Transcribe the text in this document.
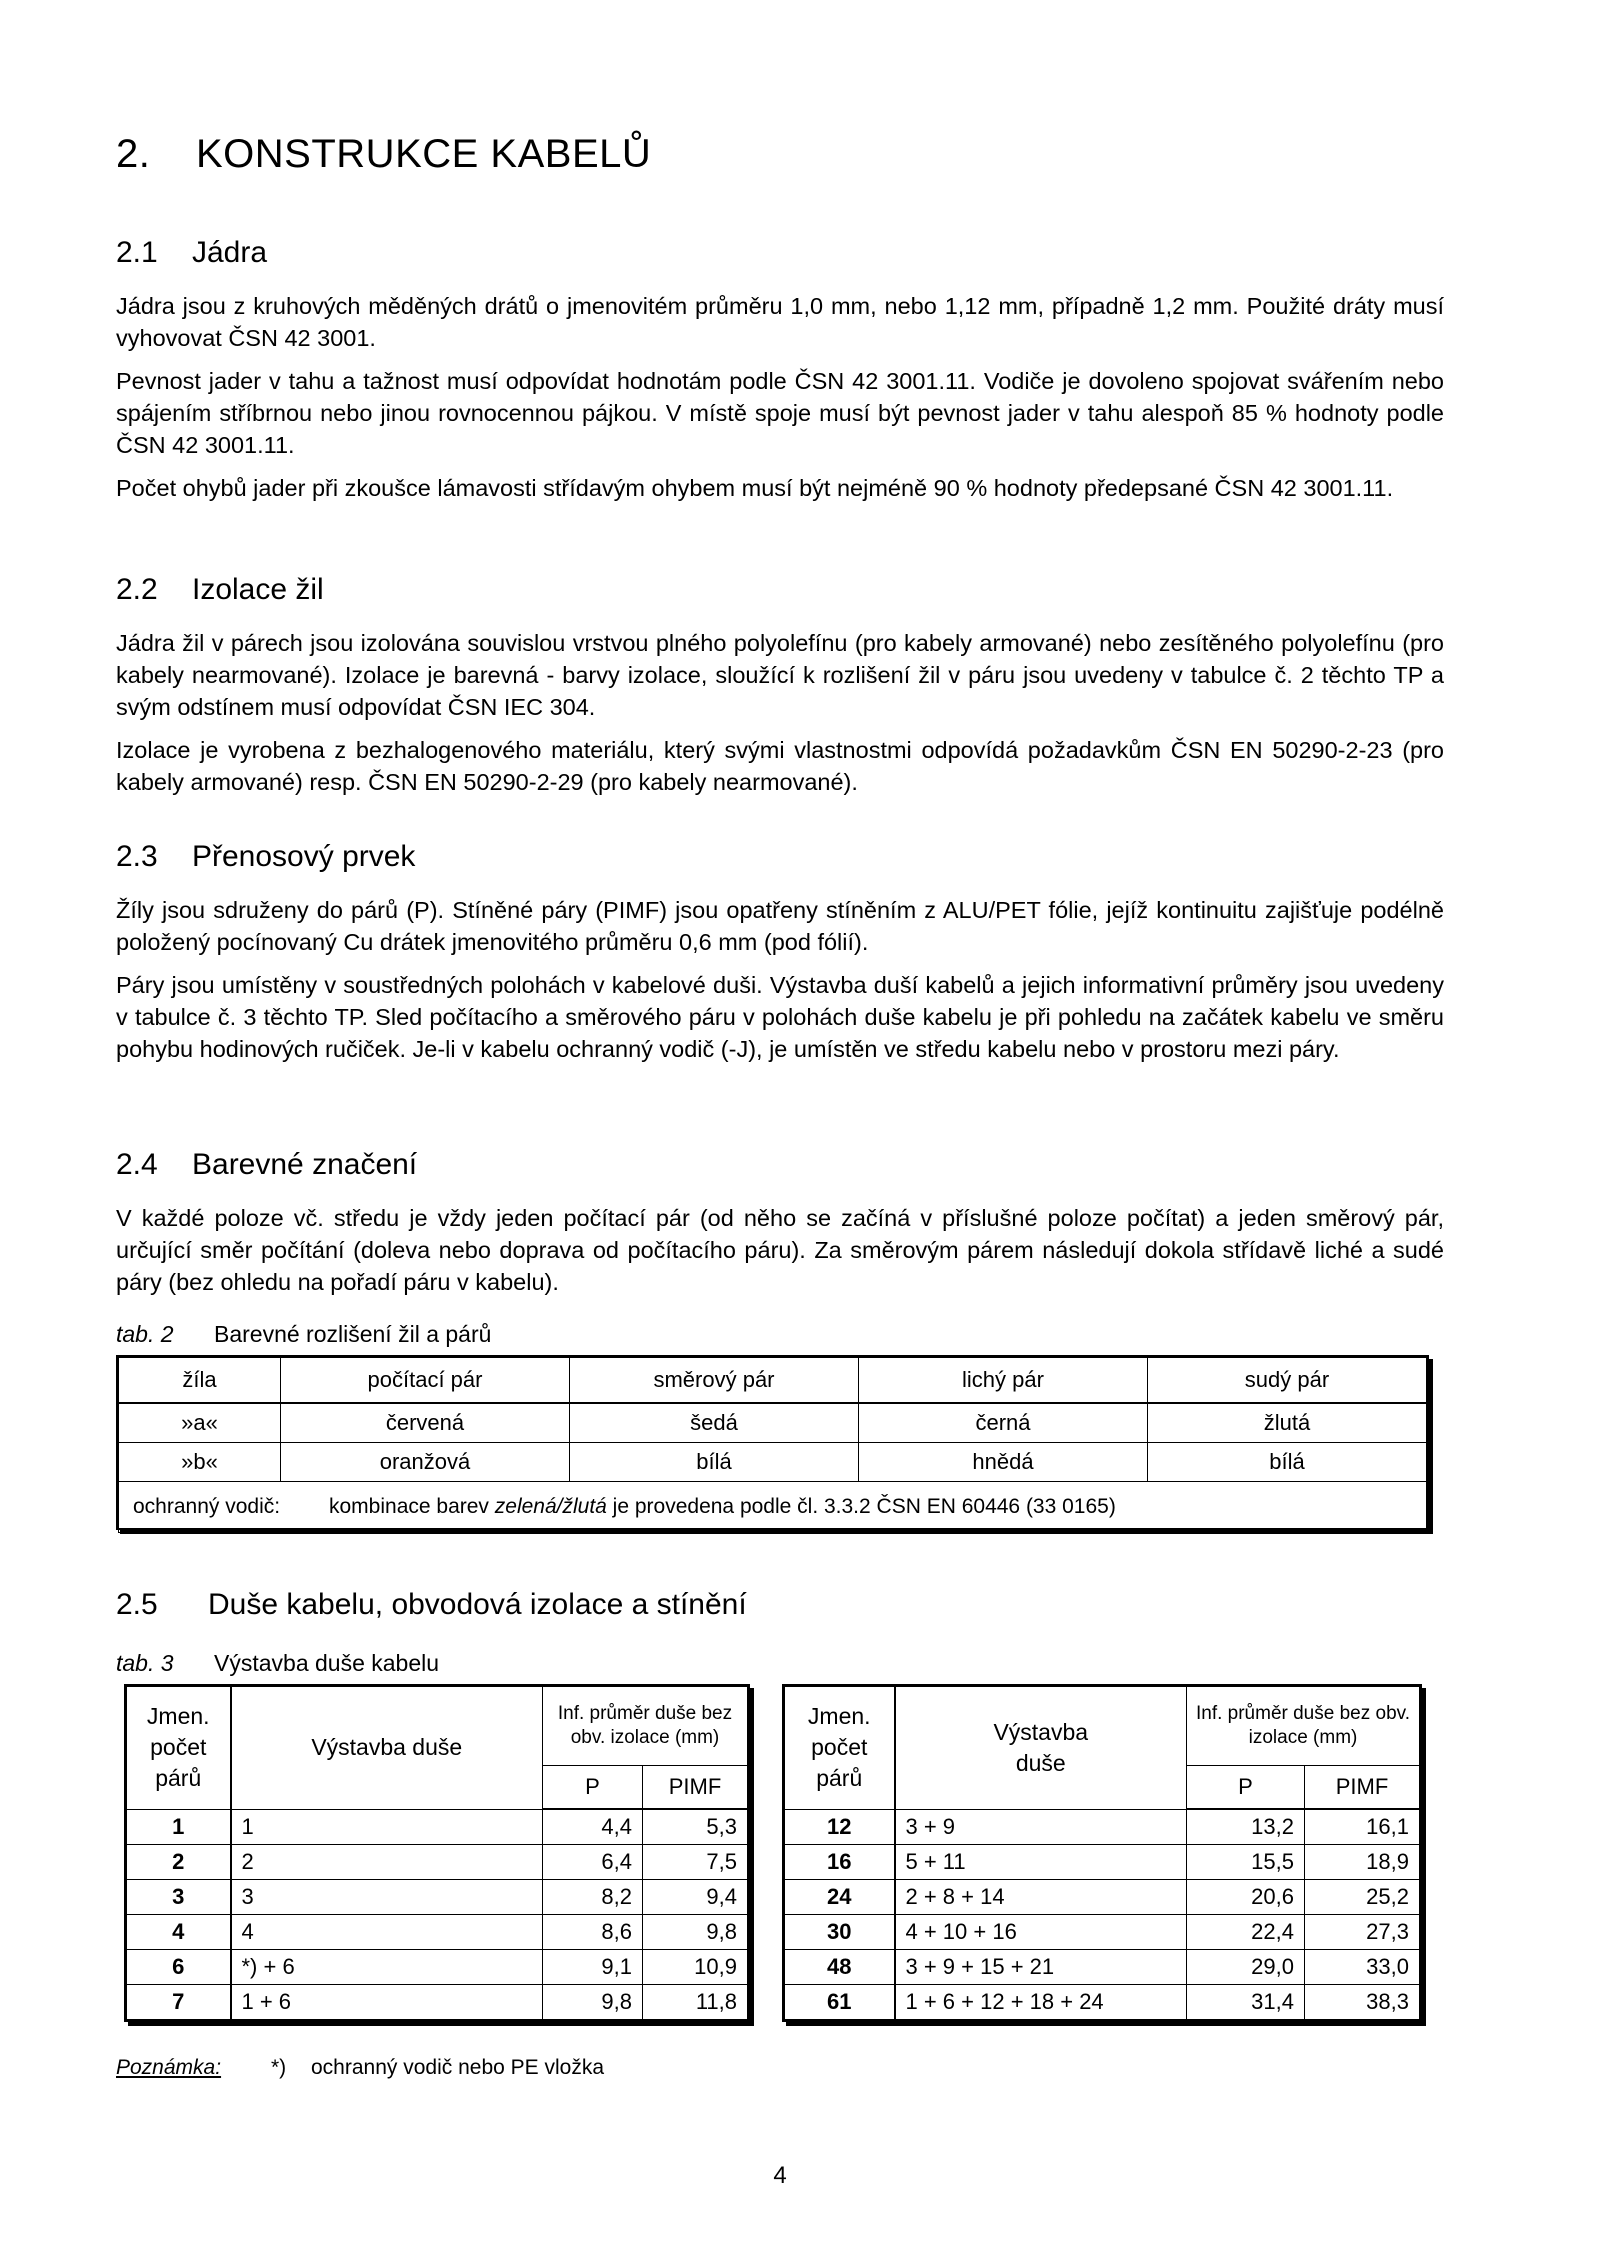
2. KONSTRUKCE KABELŮ
2.1 Jádra

Jádra jsou z kruhových měděných drátů o jmenovitém průměru 1,0 mm, nebo 1,12 mm, případně 1,2 mm. Použité dráty musí vyhovovat ČSN 42 3001.

Pevnost jader v tahu a tažnost musí odpovídat hodnotám podle ČSN 42 3001.11. Vodiče je dovoleno spojovat svářením nebo spájením stříbrnou nebo jinou rovnocennou pájkou. V místě spoje musí být pevnost jader v tahu alespoň 85 % hodnoty podle ČSN 42 3001.11.

Počet ohybů jader při zkoušce lámavosti střídavým ohybem musí být nejméně 90 % hodnoty předepsané ČSN 42 3001.11.

2.2 Izolace žil

Jádra žil v párech jsou izolována souvislou vrstvou plného polyolefínu (pro kabely armované) nebo zesítěného polyolefínu (pro kabely nearmované). Izolace je barevná - barvy izolace, sloužící k rozlišení žil v páru jsou uvedeny v tabulce č. 2 těchto TP a svým odstínem musí odpovídat ČSN IEC 304.

Izolace je vyrobena z bezhalogenového materiálu, který svými vlastnostmi odpovídá požadavkům ČSN EN 50290-2-23 (pro kabely armované) resp. ČSN EN 50290-2-29 (pro kabely nearmované).

2.3 Přenosový prvek

Žíly jsou sdruženy do párů (P). Stíněné páry (PIMF) jsou opatřeny stíněním z ALU/PET fólie, jejíž kontinuitu zajišťuje podélně položený pocínovaný Cu drátek jmenovitého průměru 0,6 mm (pod fólií).

Páry jsou umístěny v soustředných polohách v kabelové duši. Výstavba duší kabelů a jejich informativní průměry jsou uvedeny v tabulce č. 3 těchto TP. Sled počítacího a směrového páru v polohách duše kabelu je při pohledu na začátek kabelu ve směru pohybu hodinových ručiček. Je-li v kabelu ochranný vodič (-J), je umístěn ve středu kabelu nebo v prostoru mezi páry.

2.4 Barevné značení

V každé poloze vč. středu je vždy jeden počítací pár (od něho se začíná v příslušné poloze počítat) a jeden směrový pár, určující směr počítání (doleva nebo doprava od počítacího páru). Za směrovým párem následují dokola střídavě liché a sudé páry (bez ohledu na pořadí páru v kabelu).

tab. 2 Barevné rozlišení žil a párů
žíla	počítací pár	směrový pár	lichý pár	sudý pár
»a«	červená	šedá	černá	žlutá
»b«	oranžová	bílá	hnědá	bílá
ochranný vodič: kombinace barev zelená/žlutá je provedena podle čl. 3.3.2 ČSN EN 60446 (33 0165)				
2.5 Duše kabelu, obvodová izolace a stínění
tab. 3 Výstavba duše kabelu
Jmen. počet párů	Výstavba duše	Inf. průměr duše bez obv. izolace (mm)	
		P	PIMF
1	1	4,4	5,3
2	2	6,4	7,5
3	3	8,2	9,4
4	4	8,6	9,8
6	*) + 6	9,1	10,9
7	1 + 6	9,8	11,8
Jmen. počet párů	Výstavba duše	Inf. průměr duše bez obv. izolace (mm)	
		P	PIMF
12	3 + 9	13,2	16,1
16	5 + 11	15,5	18,9
24	2 + 8 + 14	20,6	25,2
30	4 + 10 + 16	22,4	27,3
48	3 + 9 + 15 + 21	29,0	33,0
61	1 + 6 + 12 + 18 + 24	31,4	38,3
Poznámka: *) ochranný vodič nebo PE vložka
4
